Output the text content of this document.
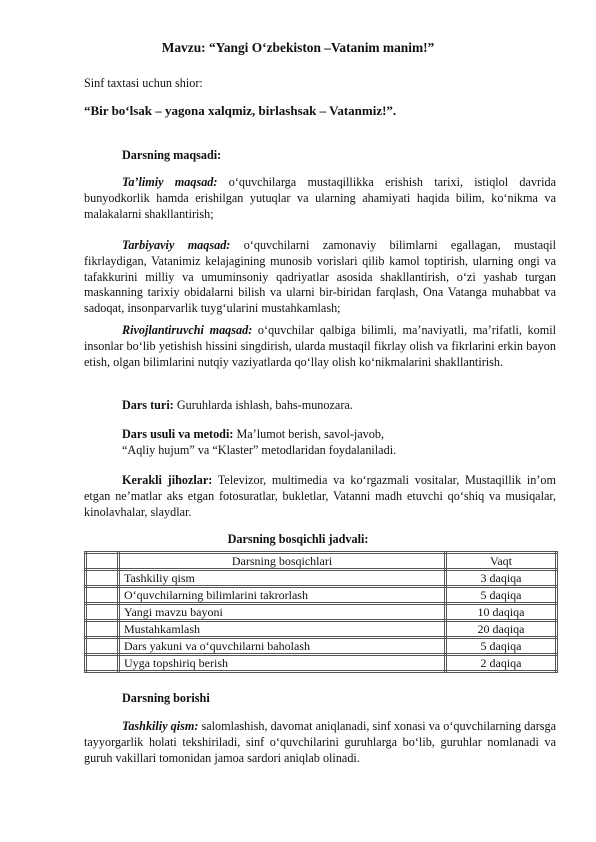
Mavzu: “Yangi O‘zbekiston –Vatanim manim!”
Sinf taxtasi uchun shior:
“Bir bo‘lsak – yagona xalqmiz, birlashsak – Vatanmiz!”.
Darsning maqsadi:
Ta’limiy maqsad: o‘quvchilarga mustaqillikka erishish tarixi, istiqlol davrida bunyodkorlik hamda erishilgan yutuqlar va ularning ahamiyati haqida bilim, ko‘nikma va malakalarni shakllantirish;
Tarbiyaviy maqsad: o‘quvchilarni zamonaviy bilimlarni egallagan, mustaqil fikrlaydigan, Vatanimiz kelajagining munosib vorislari qilib kamol toptirish, ularning ongi va tafakkurini milliy va umuminsoniy qadriyatlar asosida shakllantirish, o‘zi yashab turgan maskanning tarixiy obidalarni bilish va ularni bir-biridan farqlash, Ona Vatanga muhabbat va sadoqat, insonparvarlik tuyg‘ularini mustahkamlash;
Rivojlantiruvchi maqsad: o‘quvchilar qalbiga bilimli, ma’naviyatli, ma’rifatli, komil insonlar bo‘lib yetishish hissini singdirish, ularda mustaqil fikrlay olish va fikrlarini erkin bayon etish, olgan bilimlarini nutqiy vaziyatlarda qo‘llay olish ko‘nikmalarini shakllantirish.
Dars turi: Guruhlarda ishlash, bahs-munozara.
Dars usuli va metodi: Ma’lumot berish, savol-javob,
“Aqliy hujum” va “Klaster” metodlaridan foydalaniladi.
Kerakli jihozlar: Televizor, multimedia va ko‘rgazmali vositalar, Mustaqillik in’om etgan ne’matlar aks etgan fotosuratlar, bukletlar, Vatanni madh etuvchi qo‘shiq va musiqalar, kinolavhalar, slaydlar.
Darsning bosqichli jadvali:
	Darsning bosqichlari	Vaqt
	Tashkiliy qism	3 daqiqa
	O‘quvchilarning bilimlarini takrorlash	5 daqiqa
	Yangi mavzu bayoni	10 daqiqa
	Mustahkamlash	20 daqiqa
	Dars yakuni va o‘quvchilarni baholash	5 daqiqa
	Uyga topshiriq berish	2 daqiqa
Darsning borishi
Tashkiliy qism: salomlashish, davomat aniqlanadi, sinf xonasi va o‘quvchilarning darsga tayyorgarlik holati tekshiriladi, sinf o‘quvchilarini guruhlarga bo‘lib, guruhlar nomlanadi va guruh vakillari tomonidan jamoa sardori aniqlab olinadi.
